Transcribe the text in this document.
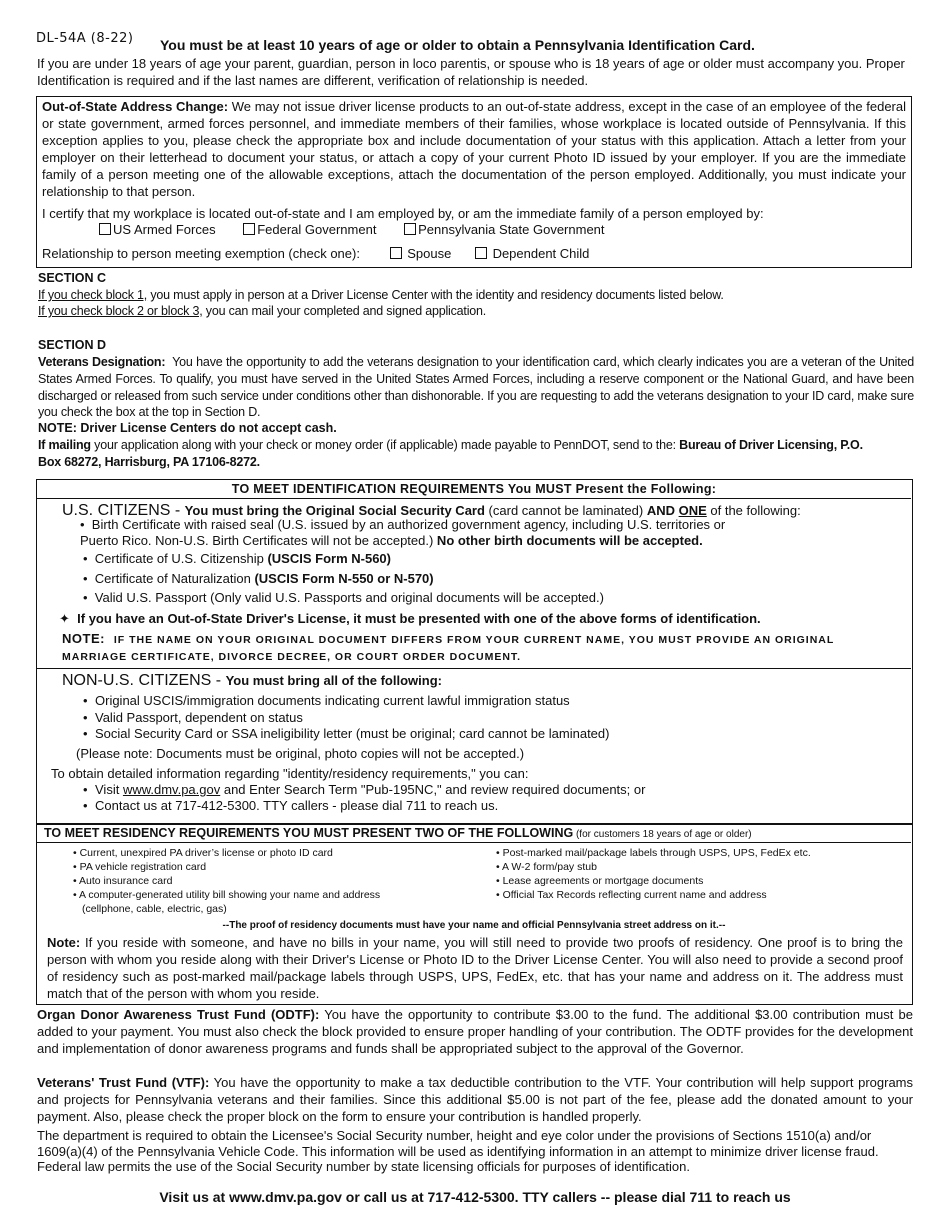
DL-54A (8-22) You must be at least 10 years of age or older to obtain a Pennsylvania Identification Card.

If you are under 18 years of age your parent, guardian, person in loco parentis, or spouse who is 18 years of age or older must accompany you. Proper Identification is required and if the last names are different, verification of relationship is needed.

Out-of-State Address Change: We may not issue driver license products to an out-of-state address, except in the case of an employee of the federal or state government, armed forces personnel, and immediate members of their families, whose workplace is located outside of Pennsylvania. If this exception applies to you, please check the appropriate box and include documentation of your status with this application. Attach a letter from your employer on their letterhead to document your status, or attach a copy of your current Photo ID issued by your employer. If you are the immediate family of a person meeting one of the allowable exceptions, attach the documentation of the person employed. Additionally, you must indicate your relationship to that person.

I certify that my workplace is located out-of-state and I am employed by, or am the immediate family of a person employed by:

US Armed Forces	Federal Government	Pennsylvania State Government
Relationship to person meeting exemption (check one):	Spouse	Dependent Child
SECTION C

If you check block 1, you must apply in person at a Driver License Center with the identity and residency documents listed below.

If you check block 2 or block 3, you can mail your completed and signed application.

SECTION D

Veterans Designation: You have the opportunity to add the veterans designation to your identification card, which clearly indicates you are a veteran of the United States Armed Forces. To qualify, you must have served in the United States Armed Forces, including a reserve component or the National Guard, and have been discharged or released from such service under conditions other than dishonorable. If you are requesting to add the veterans designation to your ID card, make sure you check the box at the top in Section D.

NOTE: Driver License Centers do not accept cash.

If mailing your application along with your check or money order (if applicable) made payable to PennDOT, send to the: Bureau of Driver Licensing, P.O. Box 68272, Harrisburg, PA 17106-8272.

TO MEET IDENTIFICATION REQUIREMENTS You MUST Present the Following:
U.S. CITIZENS - You must bring the Original Social Security Card (card cannot be laminated) AND ONE of the following:
•  Birth Certificate with raised seal (U.S. issued by an authorized government agency, including U.S. territories or
Puerto Rico. Non-U.S. Birth Certificates will not be accepted.) No other birth documents will be accepted.
•  Certificate of U.S. Citizenship (USCIS Form N-560)
•  Certificate of Naturalization (USCIS Form N-550 or N-570)
•  Valid U.S. Passport (Only valid U.S. Passports and original documents will be accepted.)
✦ If you have an Out-of-State Driver's License, it must be presented with one of the above forms of identification.
NOTE: IF THE NAME ON YOUR ORIGINAL DOCUMENT DIFFERS FROM YOUR CURRENT NAME, YOU MUST PROVIDE AN ORIGINAL MARRIAGE CERTIFICATE, DIVORCE DECREE, OR COURT ORDER DOCUMENT.
NON-U.S. CITIZENS - You must bring all of the following:
• Original USCIS/immigration documents indicating current lawful immigration status
• Valid Passport, dependent on status
• Social Security Card or SSA ineligibility letter (must be original; card cannot be laminated)
(Please note: Documents must be original, photo copies will not be accepted.)
To obtain detailed information regarding "identity/residency requirements," you can:
• Visit www.dmv.pa.gov and Enter Search Term "Pub-195NC," and review required documents; or
• Contact us at 717-412-5300. TTY callers - please dial 711 to reach us.
TO MEET RESIDENCY REQUIREMENTS YOU MUST PRESENT TWO OF THE FOLLOWING (for customers 18 years of age or older)
• Current, unexpired PA driver’s license or photo ID card
• PA vehicle registration card
• Auto insurance card
• A computer-generated utility bill showing your name and address
(cellphone, cable, electric, gas)
• Post-marked mail/package labels through USPS, UPS, FedEx etc.
• A W-2 form/pay stub
• Lease agreements or mortgage documents
• Official Tax Records reflecting current name and address
--The proof of residency documents must have your name and official Pennsylvania street address on it.--

Note: If you reside with someone, and have no bills in your name, you will still need to provide two proofs of residency. One proof is to bring the person with whom you reside along with their Driver's License or Photo ID to the Driver License Center. You will also need to provide a second proof of residency such as post-marked mail/package labels through USPS, UPS, FedEx, etc. that has your name and address on it. The address must match that of the person with whom you reside.

Organ Donor Awareness Trust Fund (ODTF): You have the opportunity to contribute $3.00 to the fund. The additional $3.00 contribution must be added to your payment. You must also check the block provided to ensure proper handling of your contribution. The ODTF provides for the development and implementation of donor awareness programs and funds shall be appropriated subject to the approval of the Governor.

Veterans' Trust Fund (VTF): You have the opportunity to make a tax deductible contribution to the VTF. Your contribution will help support programs and projects for Pennsylvania veterans and their families. Since this additional $5.00 is not part of the fee, please add the donated amount to your payment. Also, please check the proper block on the form to ensure your contribution is handled properly.

The department is required to obtain the Licensee's Social Security number, height and eye color under the provisions of Sections 1510(a) and/or 1609(a)(4) of the Pennsylvania Vehicle Code. This information will be used as identifying information in an attempt to minimize driver license fraud. Federal law permits the use of the Social Security number by state licensing officials for purposes of identification.

Visit us at www.dmv.pa.gov or call us at 717-412-5300. TTY callers -- please dial 711 to reach us
